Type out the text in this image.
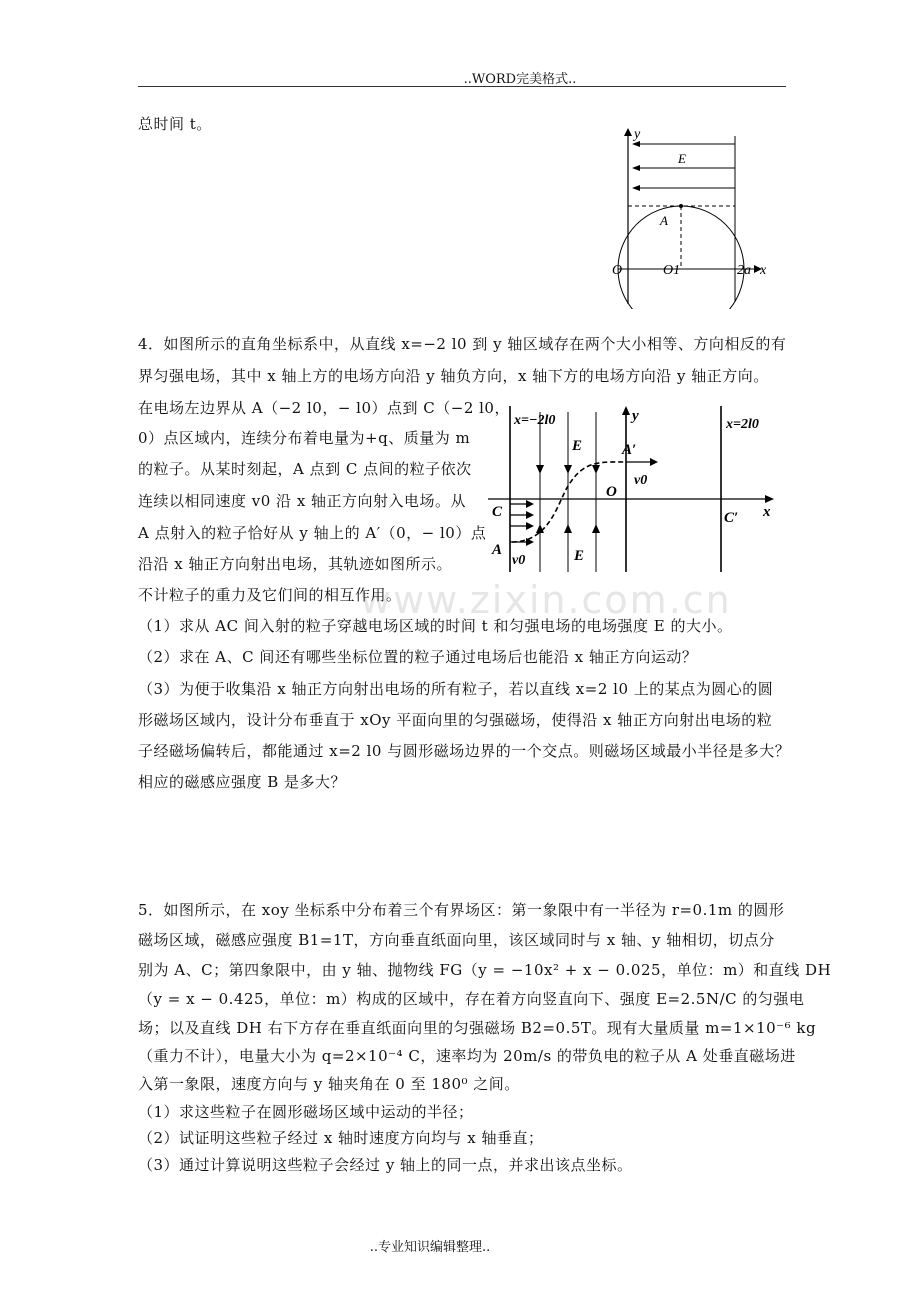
..WORD完美格式..
www.zixin.com.cn
总时间 t。
y
x
E
A
O	O1	2a
4．如图所示的直角坐标系中，从直线 x=−2 l0 到 y 轴区域存在两个大小相等、方向相反的有
界匀强电场，其中 x 轴上方的电场方向沿 y 轴负方向，x 轴下方的电场方向沿 y 轴正方向。
在电场左边界从 A（−2 l0，− l0）点到 C（−2 l0，
0）点区域内，连续分布着电量为+q、质量为 m
的粒子。从某时刻起，A 点到 C 点间的粒子依次
连续以相同速度 v0 沿 x 轴正方向射入电场。从
A 点射入的粒子恰好从 y 轴上的 A′（0，− l0）点
沿沿 x 轴正方向射出电场，其轨迹如图所示。
不计粒子的重力及它们间的相互作用。
x
y
E
E
x=−2l0	x=2l0
A′
v0
C
A
v0
O
C′
（1）求从 AC 间入射的粒子穿越电场区域的时间 t 和匀强电场的电场强度 E 的大小。
（2）求在 A、C 间还有哪些坐标位置的粒子通过电场后也能沿 x 轴正方向运动？
（3）为便于收集沿 x 轴正方向射出电场的所有粒子，若以直线 x=2 l0 上的某点为圆心的圆
形磁场区域内，设计分布垂直于 xOy 平面向里的匀强磁场，使得沿 x 轴正方向射出电场的粒
子经磁场偏转后，都能通过 x=2 l0 与圆形磁场边界的一个交点。则磁场区域最小半径是多大？
相应的磁感应强度 B 是多大？
5．如图所示，在 xoy 坐标系中分布着三个有界场区：第一象限中有一半径为 r=0.1m 的圆形
磁场区域，磁感应强度 B1=1T，方向垂直纸面向里，该区域同时与 x 轴、y 轴相切，切点分
别为 A、C；第四象限中，由 y 轴、抛物线 FG（y = −10x² + x − 0.025，单位：m）和直线 DH
（y = x − 0.425，单位：m）构成的区域中，存在着方向竖直向下、强度 E=2.5N/C 的匀强电
场；以及直线 DH 右下方存在垂直纸面向里的匀强磁场 B2=0.5T。现有大量质量 m=1×10⁻⁶ kg
（重力不计），电量大小为 q=2×10⁻⁴ C，速率均为 20m/s 的带负电的粒子从 A 处垂直磁场进
入第一象限，速度方向与 y 轴夹角在 0 至 180⁰ 之间。
（1）求这些粒子在圆形磁场区域中运动的半径；
（2）试证明这些粒子经过 x 轴时速度方向均与 x 轴垂直；
（3）通过计算说明这些粒子会经过 y 轴上的同一点，并求出该点坐标。
..专业知识编辑整理..
